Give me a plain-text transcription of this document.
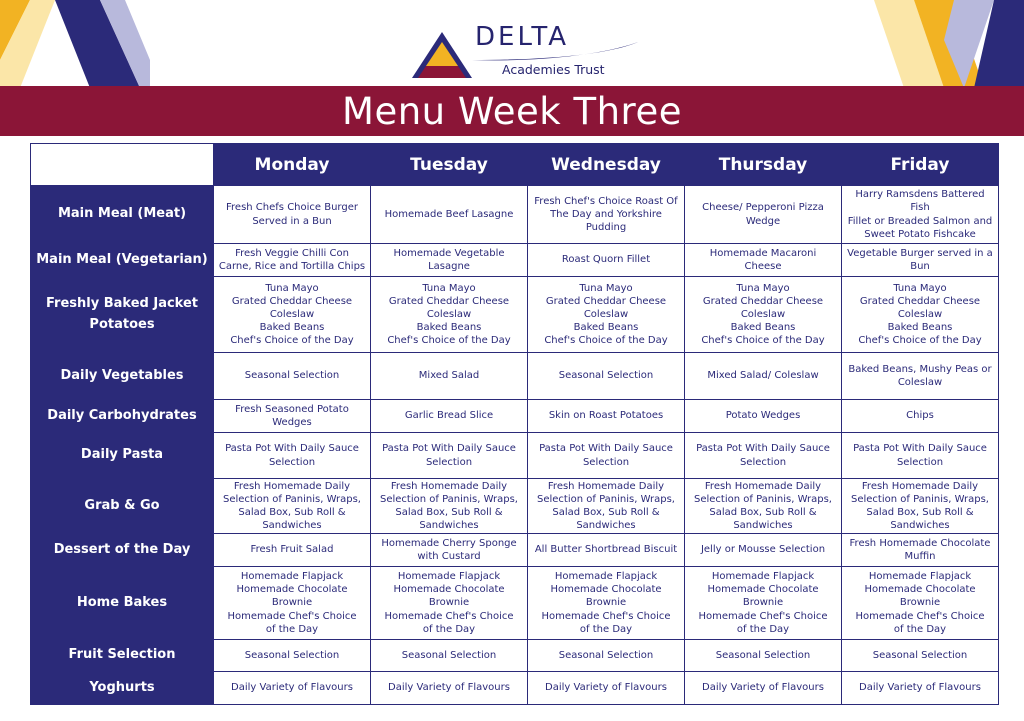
DELTA
Academies Trust
Menu Week Three
	Monday	Tuesday	Wednesday	Thursday	Friday
Main Meal (Meat)	Fresh Chefs Choice Burger
Served in a Bun	Homemade Beef Lasagne	Fresh Chef's Choice Roast Of
The Day and Yorkshire
Pudding	Cheese/ Pepperoni Pizza
Wedge	Harry Ramsdens Battered Fish
Fillet or Breaded Salmon and
Sweet Potato Fishcake

Main Meal (Vegetarian)	Fresh Veggie Chilli Con
Carne, Rice and Tortilla Chips	Homemade Vegetable
Lasagne	Roast Quorn Fillet	Homemade Macaroni
Cheese	Vegetable Burger served in a
Bun

Freshly Baked Jacket Potatoes	Tuna Mayo
Grated Cheddar Cheese
Coleslaw
Baked Beans
Chef's Choice of the Day	Tuna Mayo
Grated Cheddar Cheese
Coleslaw
Baked Beans
Chef's Choice of the Day	Tuna Mayo
Grated Cheddar Cheese
Coleslaw
Baked Beans
Chef's Choice of the Day	Tuna Mayo
Grated Cheddar Cheese
Coleslaw
Baked Beans
Chef's Choice of the Day	Tuna Mayo
Grated Cheddar Cheese
Coleslaw
Baked Beans
Chef's Choice of the Day

Daily Vegetables	Seasonal Selection	Mixed Salad	Seasonal Selection	Mixed Salad/ Coleslaw	Baked Beans, Mushy Peas or
Coleslaw

Daily Carbohydrates	Fresh Seasoned Potato
Wedges	Garlic Bread Slice	Skin on Roast Potatoes	Potato Wedges	Chips

Daily Pasta	Pasta Pot With Daily Sauce
Selection	Pasta Pot With Daily Sauce
Selection	Pasta Pot With Daily Sauce
Selection	Pasta Pot With Daily Sauce
Selection	Pasta Pot With Daily Sauce
Selection

Grab & Go	Fresh Homemade Daily
Selection of Paninis, Wraps,
Salad Box, Sub Roll &
Sandwiches	Fresh Homemade Daily
Selection of Paninis, Wraps,
Salad Box, Sub Roll &
Sandwiches	Fresh Homemade Daily
Selection of Paninis, Wraps,
Salad Box, Sub Roll &
Sandwiches	Fresh Homemade Daily
Selection of Paninis, Wraps,
Salad Box, Sub Roll &
Sandwiches	Fresh Homemade Daily
Selection of Paninis, Wraps,
Salad Box, Sub Roll &
Sandwiches

Dessert of the Day	Fresh Fruit Salad	Homemade Cherry Sponge
with Custard	All Butter Shortbread Biscuit	Jelly or Mousse Selection	Fresh Homemade Chocolate
Muffin

Home Bakes	Homemade Flapjack
Homemade Chocolate
Brownie
Homemade Chef's Choice
of the Day	Homemade Flapjack
Homemade Chocolate
Brownie
Homemade Chef's Choice
of the Day	Homemade Flapjack
Homemade Chocolate
Brownie
Homemade Chef's Choice
of the Day	Homemade Flapjack
Homemade Chocolate
Brownie
Homemade Chef's Choice
of the Day	Homemade Flapjack
Homemade Chocolate
Brownie
Homemade Chef's Choice
of the Day

Fruit Selection	Seasonal Selection	Seasonal Selection	Seasonal Selection	Seasonal Selection	Seasonal Selection

Yoghurts	Daily Variety of Flavours	Daily Variety of Flavours	Daily Variety of Flavours	Daily Variety of Flavours	Daily Variety of Flavours
